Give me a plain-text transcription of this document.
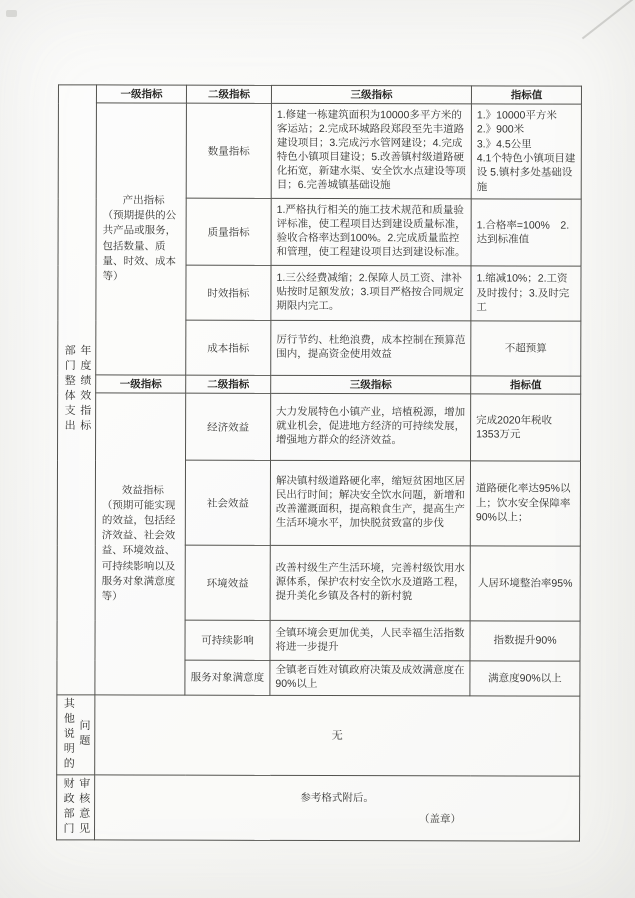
部门整体支出 年度绩效指标	一级指标	二级指标	三级指标	指标值
	产出指标
（预期提供的公共产品或服务，包括数量、质量、时效、成本等）	数量指标	1.修建一栋建筑面积为10000多平方米的客运站；2.完成环城路段郑段至先丰道路建设项目；3.完成污水管网建设；4.完成特色小镇项目建设；5.改善镇村级道路硬化拓宽，新建水渠、安全饮水点建设等项目；6.完善城镇基础设施	1.》10000平方米
2.》900米
3.》4.5公里
4.1个特色小镇项目建设 5.镇村多处基础设施
		质量指标	1.严格执行相关的施工技术规范和质量验评标准，使工程项目达到建设质量标准，验收合格率达到100%。2.完成质量监控和管理，使工程建设项目达到建设标准。	1.合格率=100%　2.达到标准值
		时效指标	1.三公经费减缩；2.保障人员工资、津补贴按时足额发放；3.项目严格按合同规定期限内完工。	1.缩减10%；2.工资及时拨付；3.及时完工
		成本指标	厉行节约、杜绝浪费，成本控制在预算范围内，提高资金使用效益	不超预算
	一级指标	二级指标	三级指标	指标值
	效益指标
（预期可能实现的效益，包括经济效益、社会效益、环境效益、可持续影响以及服务对象满意度等）	经济效益	大力发展特色小镇产业，培植税源，增加就业机会，促进地方经济的可持续发展，增强地方群众的经济效益。	完成2020年税收1353万元
		社会效益	解决镇村级道路硬化率，缩短贫困地区居民出行时间；解决安全饮水问题，新增和改善灌溉面积，提高粮食生产，提高生产生活环境水平，加快脱贫致富的步伐	道路硬化率达95%以上；饮水安全保障率90%以上；
		环境效益	改善村级生产生活环境，完善村级饮用水源体系，保护农村安全饮水及道路工程，提升美化乡镇及各村的新村貌	人居环境整治率95%
		可持续影响	全镇环境会更加优美，人民幸福生活指数将进一步提升	指数提升90%
		服务对象满意度	全镇老百姓对镇政府决策及成效满意度在90%以上	满意度90%以上

其他说明的 问题	无			

财政部门 审核意见	参考格式附后。
（盖章）
